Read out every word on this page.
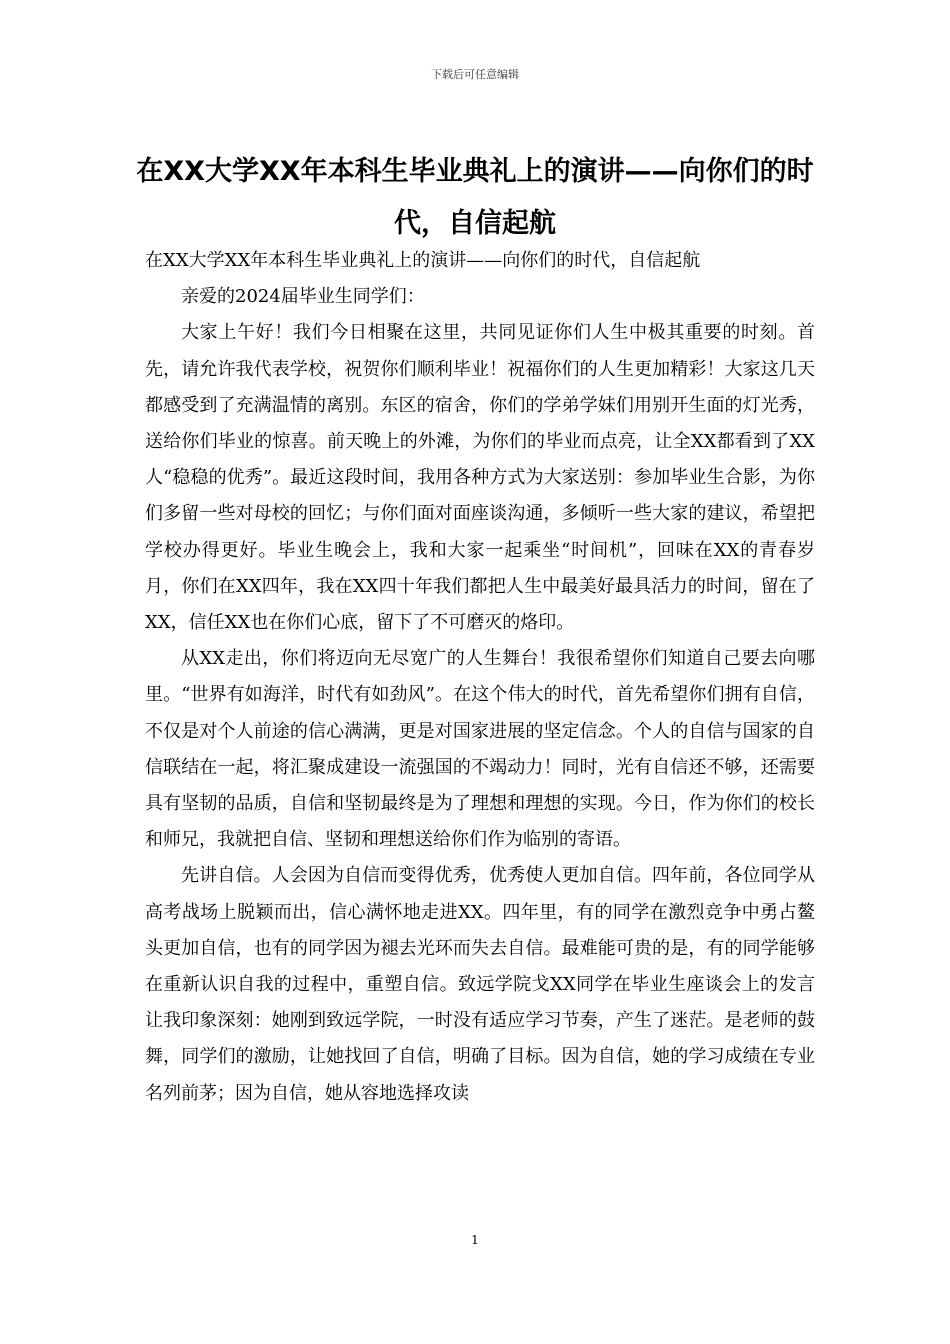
下载后可任意编辑
在XX大学XX年本科生毕业典礼上的演讲——向你们的时代，自信起航

在XX大学XX年本科生毕业典礼上的演讲——向你们的时代，自信起航

亲爱的2024届毕业生同学们：

大家上午好！我们今日相聚在这里，共同见证你们人生中极其重要的时刻。首先，请允许我代表学校，祝贺你们顺利毕业！祝福你们的人生更加精彩！大家这几天都感受到了充满温情的离别。东区的宿舍，你们的学弟学妹们用别开生面的灯光秀，送给你们毕业的惊喜。前天晚上的外滩，为你们的毕业而点亮，让全XX都看到了XX人“稳稳的优秀”。最近这段时间，我用各种方式为大家送别：参加毕业生合影，为你们多留一些对母校的回忆；与你们面对面座谈沟通，多倾听一些大家的建议，希望把学校办得更好。毕业生晚会上，我和大家一起乘坐“时间机”，回味在XX的青春岁月，你们在XX四年，我在XX四十年我们都把人生中最美好最具活力的时间，留在了XX，信任XX也在你们心底，留下了不可磨灭的烙印。

从XX走出，你们将迈向无尽宽广的人生舞台！我很希望你们知道自己要去向哪里。“世界有如海洋，时代有如劲风”。在这个伟大的时代，首先希望你们拥有自信，不仅是对个人前途的信心满满，更是对国家进展的坚定信念。个人的自信与国家的自信联结在一起，将汇聚成建设一流强国的不竭动力！同时，光有自信还不够，还需要具有坚韧的品质，自信和坚韧最终是为了理想和理想的实现。今日，作为你们的校长和师兄，我就把自信、坚韧和理想送给你们作为临别的寄语。

先讲自信。人会因为自信而变得优秀，优秀使人更加自信。四年前，各位同学从高考战场上脱颖而出，信心满怀地走进XX。四年里，有的同学在激烈竞争中勇占鳌头更加自信，也有的同学因为褪去光环而失去自信。最难能可贵的是，有的同学能够在重新认识自我的过程中，重塑自信。致远学院戈XX同学在毕业生座谈会上的发言让我印象深刻：她刚到致远学院，一时没有适应学习节奏，产生了迷茫。是老师的鼓舞，同学们的激励，让她找回了自信，明确了目标。因为自信，她的学习成绩在专业名列前茅；因为自信，她从容地选择攻读

1
